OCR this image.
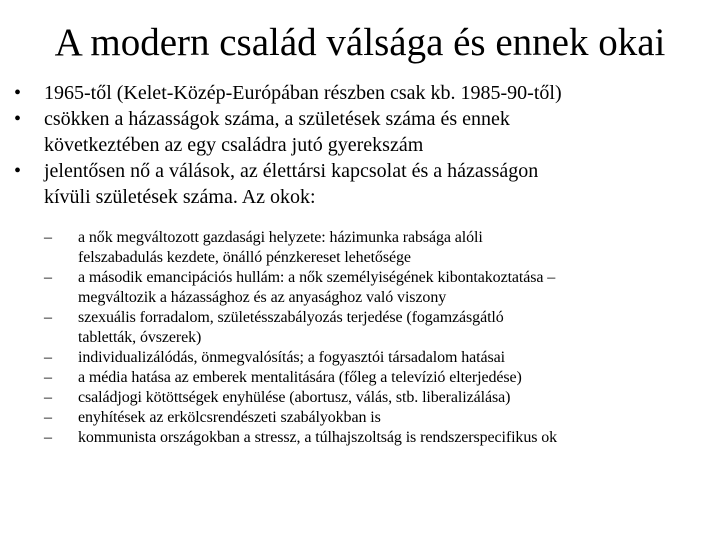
A modern család válsága és ennek okai
•	1965-től (Kelet-Közép-Európában részben csak kb. 1985-90-től)
•	csökken a házasságok száma, a születések száma és ennek
következtében az egy családra jutó gyerekszám
•	jelentősen nő a válások, az élettársi kapcsolat és a házasságon
kívüli születések száma. Az okok:
–	a nők megváltozott gazdasági helyzete: házimunka rabsága alóli
felszabadulás kezdete, önálló pénzkereset lehetősége
–	a második emancipációs hullám: a nők személyiségének kibontakoztatása –
megváltozik a házassághoz és az anyasághoz való viszony
–	szexuális forradalom, születésszabályozás terjedése (fogamzásgátló
tabletták, óvszerek)
–	individualizálódás, önmegvalósítás; a fogyasztói társadalom hatásai
–	a média hatása az emberek mentalitására (főleg a televízió elterjedése)
–	családjogi kötöttségek enyhülése (abortusz, válás, stb. liberalizálása)
–	enyhítések az erkölcsrendészeti szabályokban is
–	kommunista országokban a stressz, a túlhajszoltság is rendszerspecifikus ok
